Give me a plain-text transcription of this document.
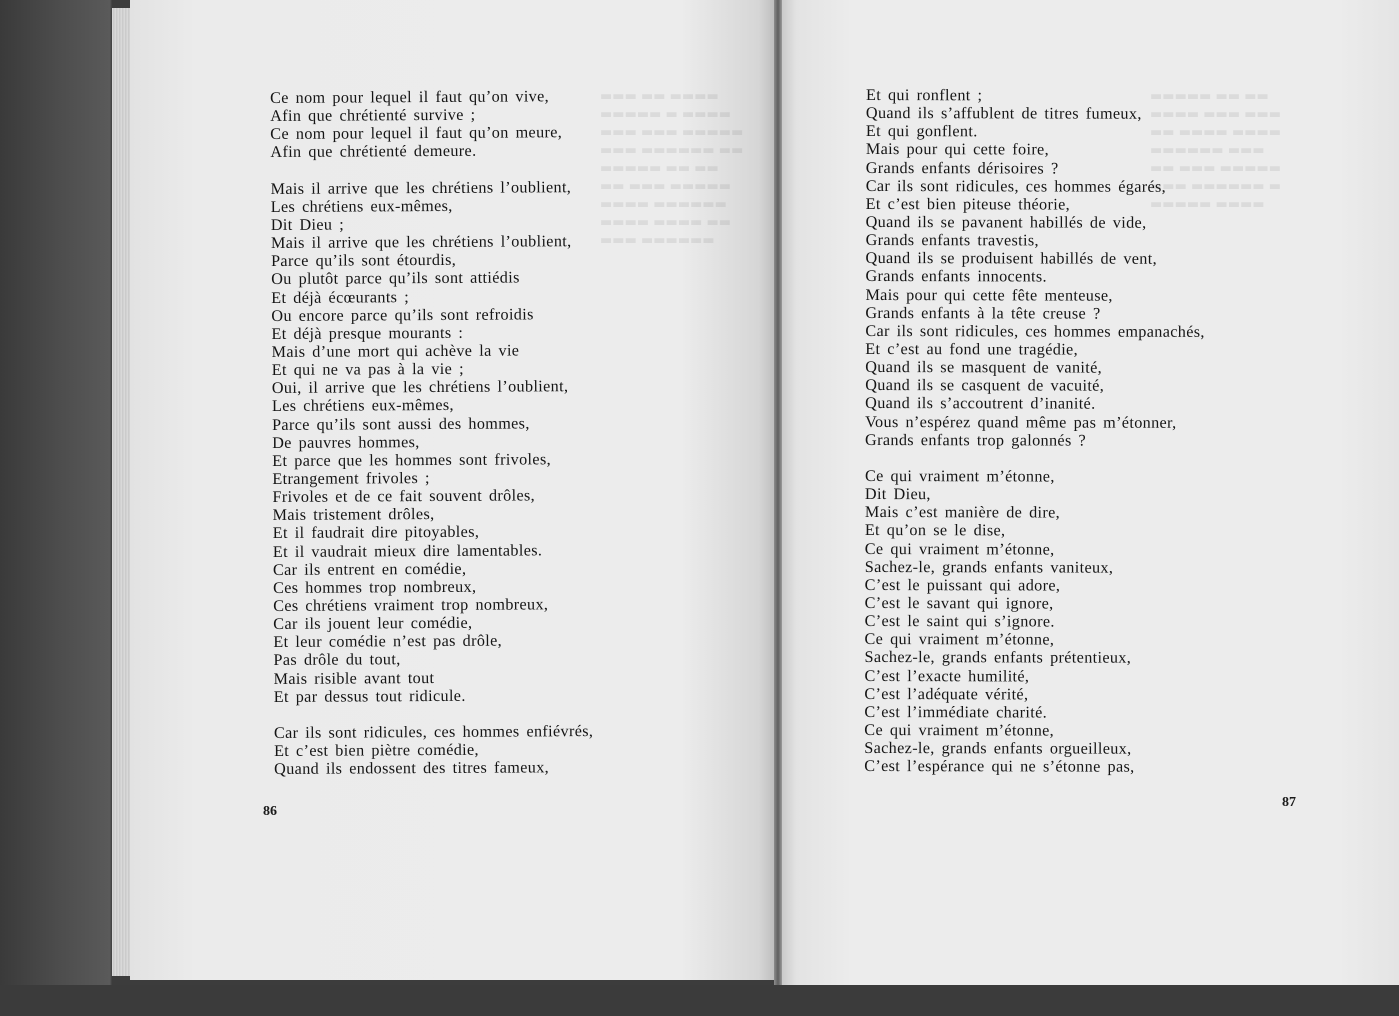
▬▬▬ ▬▬ ▬▬▬▬
▬▬▬▬▬ ▬ ▬▬▬▬
▬▬▬ ▬▬▬ ▬▬▬▬▬
▬▬▬ ▬▬▬▬▬▬ ▬▬
▬▬▬▬▬ ▬▬ ▬▬
▬▬ ▬▬▬ ▬▬▬▬▬
▬▬▬▬ ▬▬▬▬▬▬
▬▬▬▬ ▬▬▬▬ ▬▬
▬▬▬ ▬▬▬▬▬▬
▬▬▬▬▬ ▬▬ ▬▬
▬▬▬▬ ▬▬▬ ▬▬▬
▬▬ ▬▬▬▬ ▬▬▬▬
▬▬▬▬▬▬ ▬▬▬
▬▬ ▬▬▬ ▬▬▬▬▬
▬▬▬ ▬▬▬▬▬▬ ▬
▬▬▬▬▬ ▬▬▬▬
Ce nom pour lequel il faut qu’on vive,
Afin que chrétienté survive ;
Ce nom pour lequel il faut qu’on meure,
Afin que chrétienté demeure.
Mais il arrive que les chrétiens l’oublient,
Les chrétiens eux-mêmes,
Dit Dieu ;
Mais il arrive que les chrétiens l’oublient,
Parce qu’ils sont étourdis,
Ou plutôt parce qu’ils sont attiédis
Et déjà écœurants ;
Ou encore parce qu’ils sont refroidis
Et déjà presque mourants :
Mais d’une mort qui achève la vie
Et qui ne va pas à la vie ;
Oui, il arrive que les chrétiens l’oublient,
Les chrétiens eux-mêmes,
Parce qu’ils sont aussi des hommes,
De pauvres hommes,
Et parce que les hommes sont frivoles,
Etrangement frivoles ;
Frivoles et de ce fait souvent drôles,
Mais tristement drôles,
Et il faudrait dire pitoyables,
Et il vaudrait mieux dire lamentables.
Car ils entrent en comédie,
Ces hommes trop nombreux,
Ces chrétiens vraiment trop nombreux,
Car ils jouent leur comédie,
Et leur comédie n’est pas drôle,
Pas drôle du tout,
Mais risible avant tout
Et par dessus tout ridicule.
Car ils sont ridicules, ces hommes enfiévrés,
Et c’est bien piètre comédie,
Quand ils endossent des titres fameux,
Et qui ronflent ;
Quand ils s’affublent de titres fumeux,
Et qui gonflent.
Mais pour qui cette foire,
Grands enfants dérisoires ?
Car ils sont ridicules, ces hommes égarés,
Et c’est bien piteuse théorie,
Quand ils se pavanent habillés de vide,
Grands enfants travestis,
Quand ils se produisent habillés de vent,
Grands enfants innocents.
Mais pour qui cette fête menteuse,
Grands enfants à la tête creuse ?
Car ils sont ridicules, ces hommes empanachés,
Et c’est au fond une tragédie,
Quand ils se masquent de vanité,
Quand ils se casquent de vacuité,
Quand ils s’accoutrent d’inanité.
Vous n’espérez quand même pas m’étonner,
Grands enfants trop galonnés ?
Ce qui vraiment m’étonne,
Dit Dieu,
Mais c’est manière de dire,
Et qu’on se le dise,
Ce qui vraiment m’étonne,
Sachez-le, grands enfants vaniteux,
C’est le puissant qui adore,
C’est le savant qui ignore,
C’est le saint qui s’ignore.
Ce qui vraiment m’étonne,
Sachez-le, grands enfants prétentieux,
C’est l’exacte humilité,
C’est l’adéquate vérité,
C’est l’immédiate charité.
Ce qui vraiment m’étonne,
Sachez-le, grands enfants orgueilleux,
C’est l’espérance qui ne s’étonne pas,
86
87
